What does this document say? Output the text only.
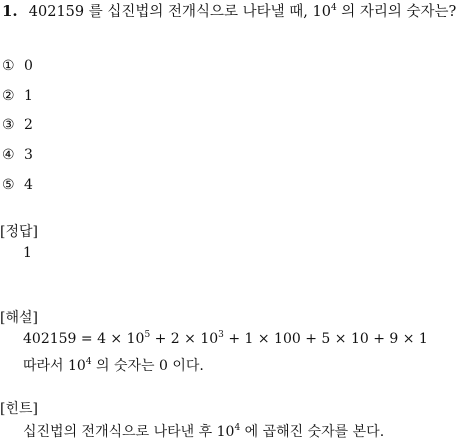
1. 402159 를 십진법의 전개식으로 나타낼 때, $10^4$ 의 자리의 숫자는?
① 0
② 1
③ 2
④ 3
⑤ 4
[정답]
1
[해설]
$402159 = 4 \times 10^5 + 2 \times 10^3 + 1 \times 100 + 5 \times 10 + 9 \times 1$
따라서 $10^4$ 의 숫자는 0 이다.
[힌트]
십진법의 전개식으로 나타낸 후 $10^4$ 에 곱해진 숫자를 본다.
